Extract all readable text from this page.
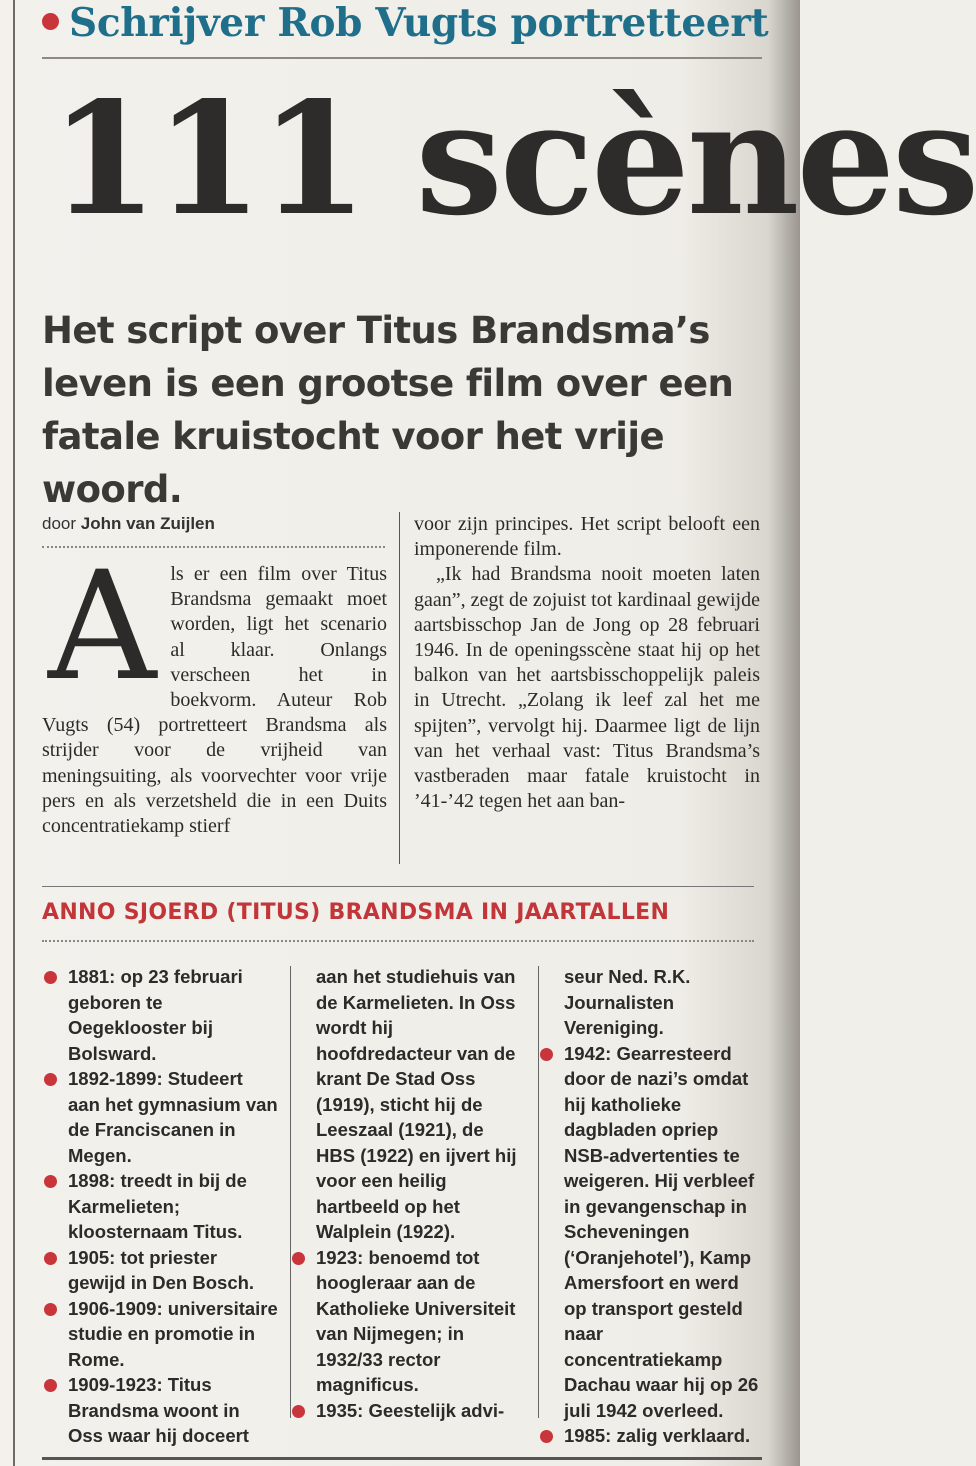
Schrijver Rob Vugts portretteert
111 scènes
Het script over Titus Brandsma’s leven is een grootse film over een fatale kruistocht voor het vrije woord.
door John van Zuijlen
Als er een film over Titus Brandsma gemaakt moet worden, ligt het scenario al klaar. Onlangs verscheen het in boekvorm. Auteur Rob Vugts (54) portretteert Brandsma als strijder voor de vrijheid van meningsuiting, als voorvechter voor vrije pers en als verzetsheld die in een Duits concentratiekamp stierf
voor zijn principes. Het script belooft een imponerende film.
„Ik had Brandsma nooit moeten laten gaan”, zegt de zojuist tot kardinaal gewijde aartsbisschop Jan de Jong op 28 februari 1946. In de openingsscène staat hij op het balkon van het aartsbisschoppelijk paleis in Utrecht. „Zolang ik leef zal het me spijten”, vervolgt hij. Daarmee ligt de lijn van het verhaal vast: Titus Brandsma’s vastberaden maar fatale kruistocht in ’41-’42 tegen het aan ban-
ANNO SJOERD (TITUS) BRANDSMA IN JAARTALLEN
1881: op 23 februari geboren te Oegeklooster bij Bolsward.
1892-1899: Studeert aan het gymnasium van de Franciscanen in Megen.
1898: treedt in bij de Karmelieten; kloosternaam Titus.
1905: tot priester gewijd in Den Bosch.
1906-1909: universitaire studie en promotie in Rome.
1909-1923: Titus Brandsma woont in Oss waar hij doceert
aan het studiehuis van de Karmelieten. In Oss wordt hij hoofdredacteur van de krant De Stad Oss (1919), sticht hij de Leeszaal (1921), de HBS (1922) en ijvert hij voor een heilig hartbeeld op het Walplein (1922).
1923: benoemd tot hoogleraar aan de Katholieke Universiteit van Nijmegen; in 1932/33 rector magnificus.
1935: Geestelijk advi-
seur Ned. R.K. Journalisten Vereniging.
1942: Gearresteerd door de nazi’s omdat hij katholieke dagbladen opriep NSB-advertenties te weigeren. Hij verbleef in gevangenschap in Scheveningen (‘Oranjehotel’), Kamp Amersfoort en werd op transport gesteld naar concentratiekamp Dachau waar hij op 26 juli 1942 overleed.
1985: zalig verklaard.
